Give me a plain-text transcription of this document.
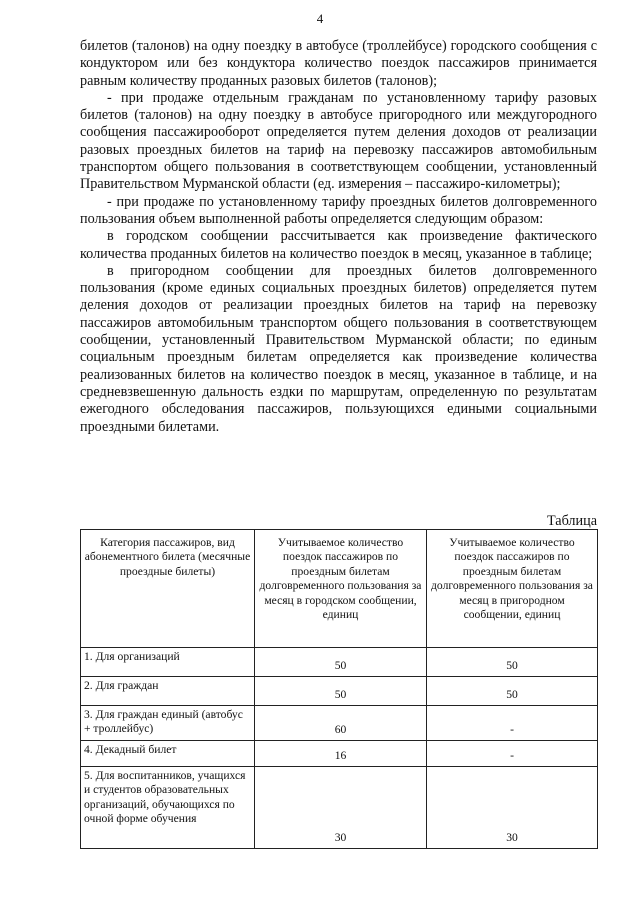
4

билетов (талонов) на одну поездку в автобусе (троллейбусе) городского сообщения с кондуктором или без кондуктора количество поездок пассажиров принимается равным количеству проданных разовых билетов (талонов);

- при продаже отдельным гражданам по установленному тарифу разовых билетов (талонов) на одну поездку в автобусе пригородного или междугородного сообщения пассажирооборот определяется путем деления доходов от реализации разовых проездных билетов на тариф на перевозку пассажиров автомобильным транспортом общего пользования в соответствующем сообщении, установленный Правительством Мурманской области (ед. измерения – пассажиро-километры);

- при продаже по установленному тарифу проездных билетов долговременного пользования объем выполненной работы определяется следующим образом:

в городском сообщении рассчитывается как произведение фактического количества проданных билетов на количество поездок в месяц, указанное в таблице;

в пригородном сообщении для проездных билетов долговременного пользования (кроме единых социальных проездных билетов) определяется путем деления доходов от реализации проездных билетов на тариф на перевозку пассажиров автомобильным транспортом общего пользования в соответствующем сообщении, установленный Правительством Мурманской области; по единым социальным проездным билетам определяется как произведение количества реализованных билетов на количество поездок в месяц, указанное в таблице, и на средневзвешенную дальность ездки по маршрутам, определенную по результатам ежегодного обследования пассажиров, пользующихся едиными социальными проездными билетами.

Таблица
Категория пассажиров, вид абонементного билета (месячные проездные билеты)	Учитываемое количество поездок пассажиров по проездным билетам долговременного пользования за месяц в городском сообщении, единиц	Учитываемое количество поездок пассажиров по проездным билетам долговременного пользования за месяц в пригородном сообщении, единиц
1. Для организаций	50	50
2. Для граждан	50	50
3. Для граждан единый (автобус + троллейбус)	60	-
4. Декадный билет	16	-
5. Для воспитанников, учащихся и студентов образовательных организаций, обучающихся по очной форме обучения	30	30
